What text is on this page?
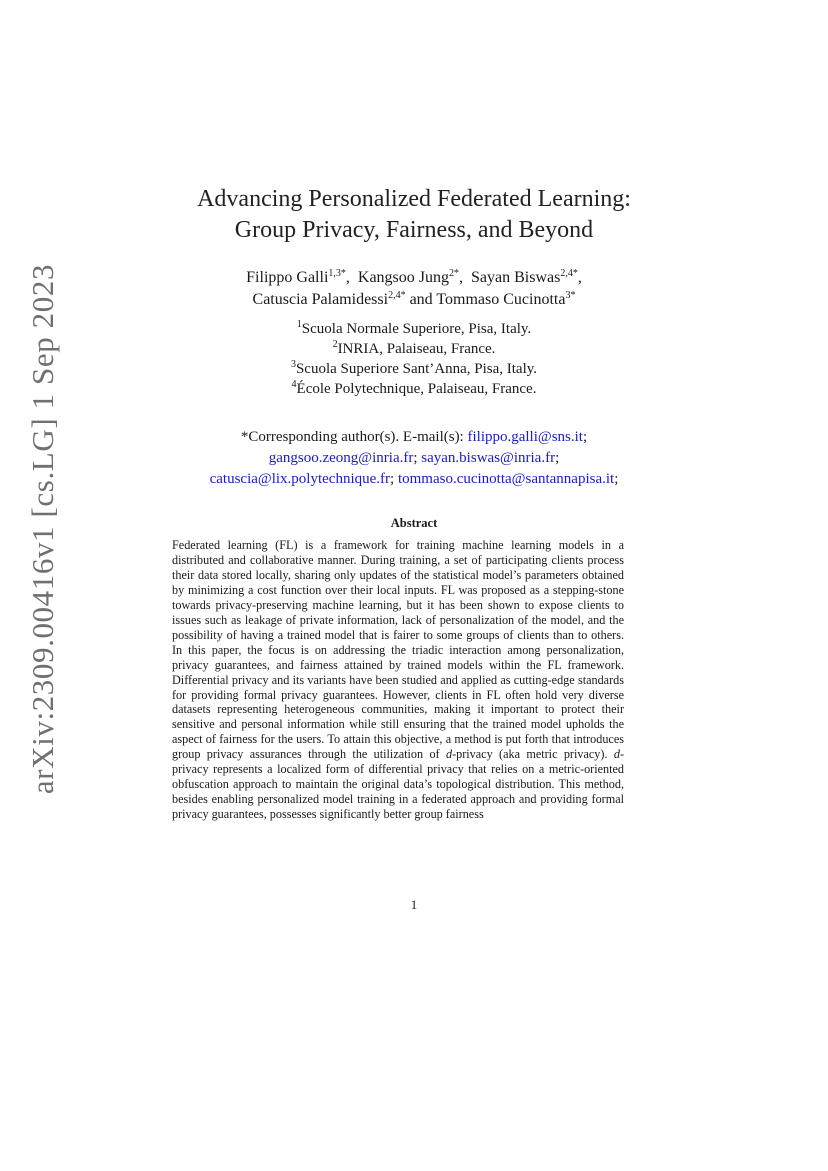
arXiv:2309.00416v1 [cs.LG] 1 Sep 2023
Advancing Personalized Federated Learning:
Group Privacy, Fairness, and Beyond
Filippo Galli$^{1,3*}$,  Kangsoo Jung$^{2*}$,  Sayan Biswas$^{2,4*}$,
Catuscia Palamidessi$^{2,4*}$ and Tommaso Cucinotta$^{3*}$
$^1$Scuola Normale Superiore, Pisa, Italy.
$^2$INRIA, Palaiseau, France.
$^3$Scuola Superiore Sant’Anna, Pisa, Italy.
$^4$École Polytechnique, Palaiseau, France.
*Corresponding author(s). E-mail(s): filippo.galli@sns.it;
gangsoo.zeong@inria.fr; sayan.biswas@inria.fr;
catuscia@lix.polytechnique.fr; tommaso.cucinotta@santannapisa.it;
Abstract
Federated learning (FL) is a framework for training machine learning models in a distributed and collaborative manner. During training, a set of participating clients process their data stored locally, sharing only updates of the statistical model’s parameters obtained by minimizing a cost function over their local inputs. FL was proposed as a stepping-stone towards privacy-preserving machine learning, but it has been shown to expose clients to issues such as leakage of private information, lack of personalization of the model, and the possibility of having a trained model that is fairer to some groups of clients than to others. In this paper, the focus is on addressing the triadic interaction among personalization, privacy guarantees, and fairness attained by trained models within the FL framework. Differential privacy and its variants have been studied and applied as cutting-edge standards for providing formal privacy guarantees. However, clients in FL often hold very diverse datasets representing heterogeneous communities, making it important to protect their sensitive and personal information while still ensuring that the trained model upholds the aspect of fairness for the users. To attain this objective, a method is put forth that introduces group privacy assurances through the utilization of d-privacy (aka metric privacy). d-privacy represents a localized form of differential privacy that relies on a metric-oriented obfuscation approach to maintain the original data’s topological distribution. This method, besides enabling personalized model training in a federated approach and providing formal privacy guarantees, possesses significantly better group fairness
1
